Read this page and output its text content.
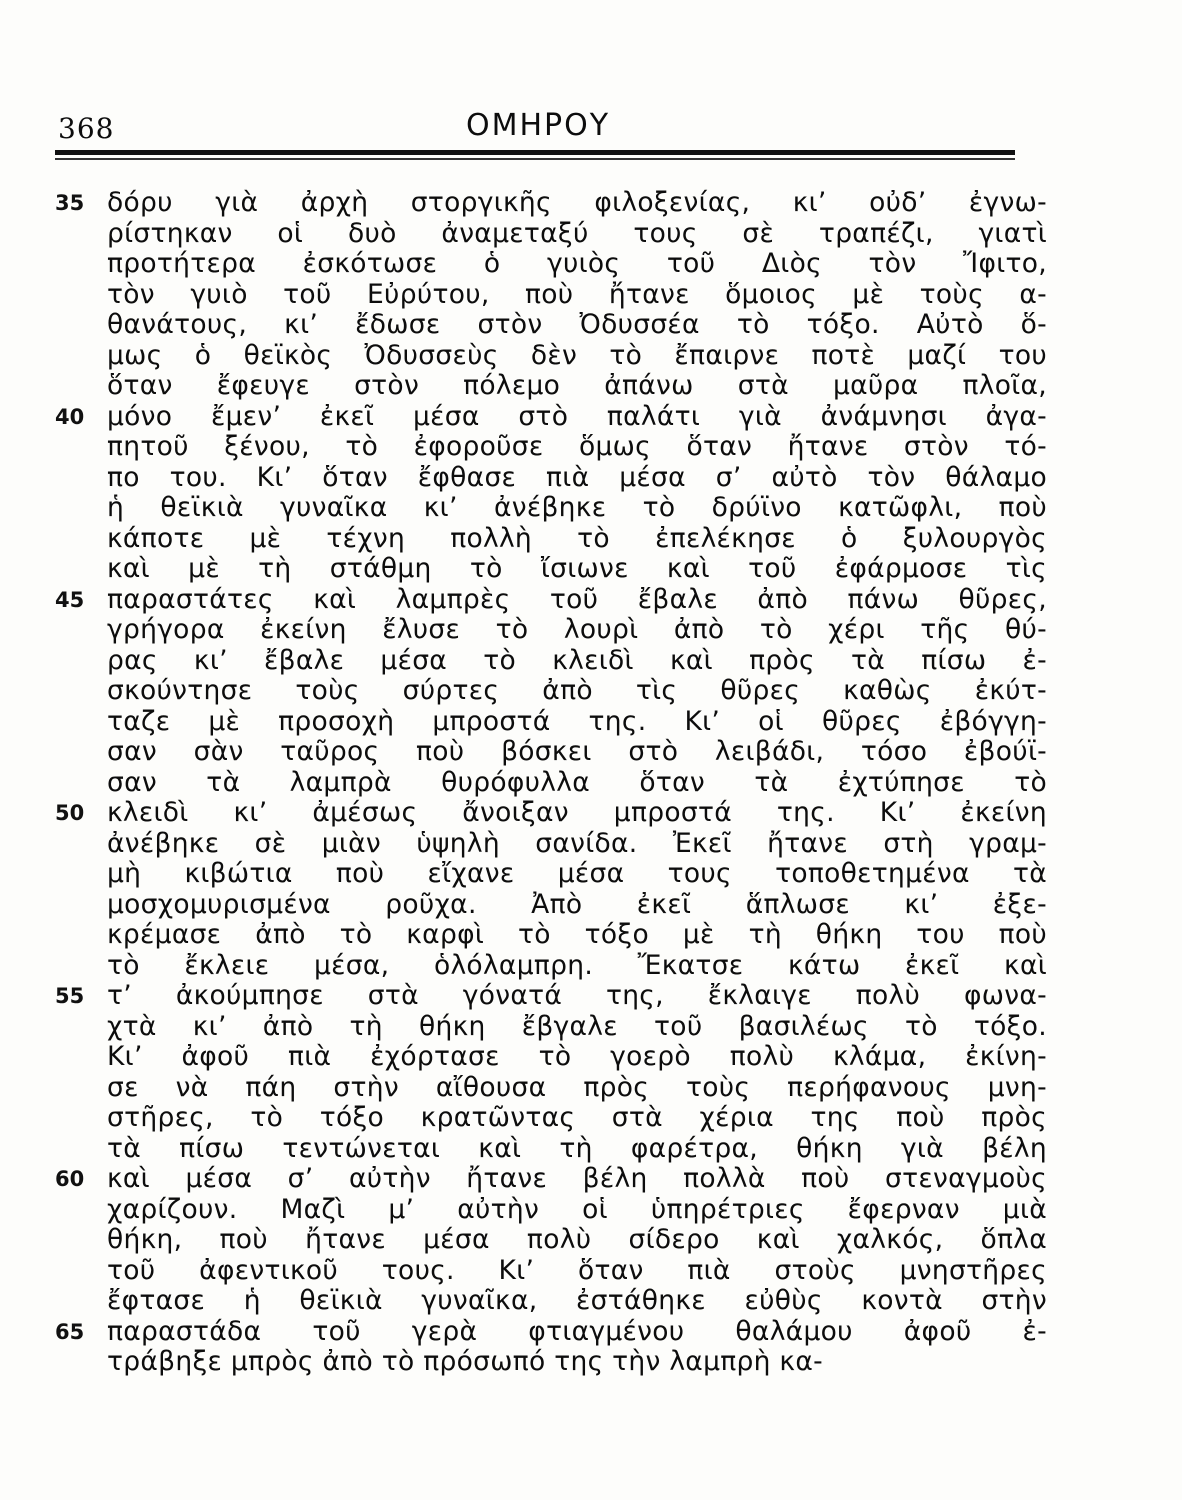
368	ΟΜΗΡΟΥ
35 δόρυ γιὰ ἀρχὴ στοργικῆς φιλοξενίας, κι’ οὐδ’ ἐγνω-
ρίστηκαν οἱ δυὸ ἀναμεταξύ τους σὲ τραπέζι, γιατὶ
προτήτερα ἐσκότωσε ὁ γυιὸς τοῦ Διὸς τὸν Ἴφιτο,
τὸν γυιὸ τοῦ Εὐρύτου, ποὺ ἤτανε ὅμοιος μὲ τοὺς α-
θανάτους, κι’ ἔδωσε στὸν Ὀδυσσέα τὸ τόξο. Αὐτὸ ὅ-
μως ὁ θεϊκὸς Ὀδυσσεὺς δὲν τὸ ἔπαιρνε ποτὲ μαζί του
ὅταν ἔφευγε στὸν πόλεμο ἀπάνω στὰ μαῦρα πλοῖα,
40 μόνο ἔμεν’ ἐκεῖ μέσα στὸ παλάτι γιὰ ἀνάμνησι ἀγα-
πητοῦ ξένου, τὸ ἐφοροῦσε ὅμως ὅταν ἤτανε στὸν τό-
πο του. Κι’ ὅταν ἔφθασε πιὰ μέσα σ’ αὐτὸ τὸν θάλαμο
ἡ θεϊκιὰ γυναῖκα κι’ ἀνέβηκε τὸ δρύϊνο κατῶφλι, ποὺ
κάποτε μὲ τέχνη πολλὴ τὸ ἐπελέκησε ὁ ξυλουργὸς
καὶ μὲ τὴ στάθμη τὸ ἴσιωνε καὶ τοῦ ἐφάρμοσε τὶς
45 παραστάτες καὶ λαμπρὲς τοῦ ἔβαλε ἀπὸ πάνω θῦρες,
γρήγορα ἐκείνη ἔλυσε τὸ λουρὶ ἀπὸ τὸ χέρι τῆς θύ-
ρας κι’ ἔβαλε μέσα τὸ κλειδὶ καὶ πρὸς τὰ πίσω ἐ-
σκούντησε τοὺς σύρτες ἀπὸ τὶς θῦρες καθὼς ἐκύτ-
ταζε μὲ προσοχὴ μπροστά της. Κι’ οἱ θῦρες ἐβόγγη-
σαν σὰν ταῦρος ποὺ βόσκει στὸ λειβάδι, τόσο ἐβούϊ-
σαν τὰ λαμπρὰ θυρόφυλλα ὅταν τὰ ἐχτύπησε τὸ
50 κλειδὶ κι’ ἀμέσως ἄνοιξαν μπροστά της. Κι’ ἐκείνη
ἀνέβηκε σὲ μιὰν ὑψηλὴ σανίδα. Ἐκεῖ ἤτανε στὴ γραμ-
μὴ κιβώτια ποὺ εἴχανε μέσα τους τοποθετημένα τὰ
μοσχομυρισμένα ροῦχα. Ἀπὸ ἐκεῖ ἅπλωσε κι’ ἐξε-
κρέμασε ἀπὸ τὸ καρφὶ τὸ τόξο μὲ τὴ θήκη του ποὺ
τὸ ἔκλειε μέσα, ὁλόλαμπρη. Ἔκατσε κάτω ἐκεῖ καὶ
55 τ’ ἀκούμπησε στὰ γόνατά της, ἔκλαιγε πολὺ φωνα-
χτὰ κι’ ἀπὸ τὴ θήκη ἔβγαλε τοῦ βασιλέως τὸ τόξο.
Κι’ ἀφοῦ πιὰ ἐχόρτασε τὸ γοερὸ πολὺ κλάμα, ἐκίνη-
σε νὰ πάη στὴν αἴθουσα πρὸς τοὺς περήφανους μνη-
στῆρες, τὸ τόξο κρατῶντας στὰ χέρια της ποὺ πρὸς
τὰ πίσω τεντώνεται καὶ τὴ φαρέτρα, θήκη γιὰ βέλη
60 καὶ μέσα σ’ αὐτὴν ἤτανε βέλη πολλὰ ποὺ στεναγμοὺς
χαρίζουν. Μαζὶ μ’ αὐτὴν οἱ ὑπηρέτριες ἔφερναν μιὰ
θήκη, ποὺ ἤτανε μέσα πολὺ σίδερο καὶ χαλκός, ὅπλα
τοῦ ἀφεντικοῦ τους. Κι’ ὅταν πιὰ στοὺς μνηστῆρες
ἔφτασε ἡ θεϊκιὰ γυναῖκα, ἐστάθηκε εὐθὺς κοντὰ στὴν
65 παραστάδα τοῦ γερὰ φτιαγμένου θαλάμου ἀφοῦ ἐ-
τράβηξε μπρὸς ἀπὸ τὸ πρόσωπό της τὴν λαμπρὴ κα-
